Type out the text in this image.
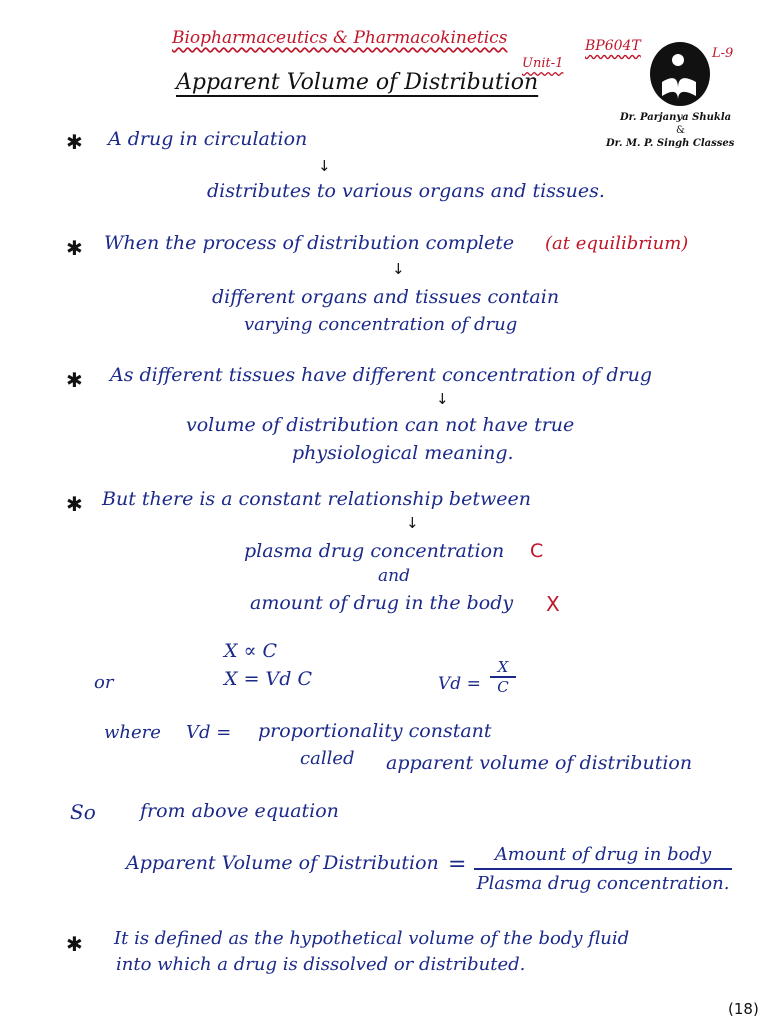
Biopharmaceutics & Pharmacokinetics	BP604T	L-9
Unit-1
Apparent Volume of Distribution
Dr. Parjanya Shukla
&
Dr. M. P. Singh Classes
✱ A drug in circulation
↓
distributes to various organs and tissues.
✱ When the process of distribution complete (at equilibrium)
↓
different organs and tissues contain
varying concentration of drug
✱ As different tissues have different concentration of drug
↓
volume of distribution can not have true
physiological meaning.
✱ But there is a constant relationship between
↓
plasma drug concentration C
and
amount of drug in the body X
X ∝ C
or	X = Vd C	Vd =
X
C
where Vd = proportionality constant
called apparent volume of distribution
So from above equation
Apparent Volume of Distribution =	Amount of drug in body
Plasma drug concentration.
✱ It is defined as the hypothetical volume of the body fluid
into which a drug is dissolved or distributed.
(18)
